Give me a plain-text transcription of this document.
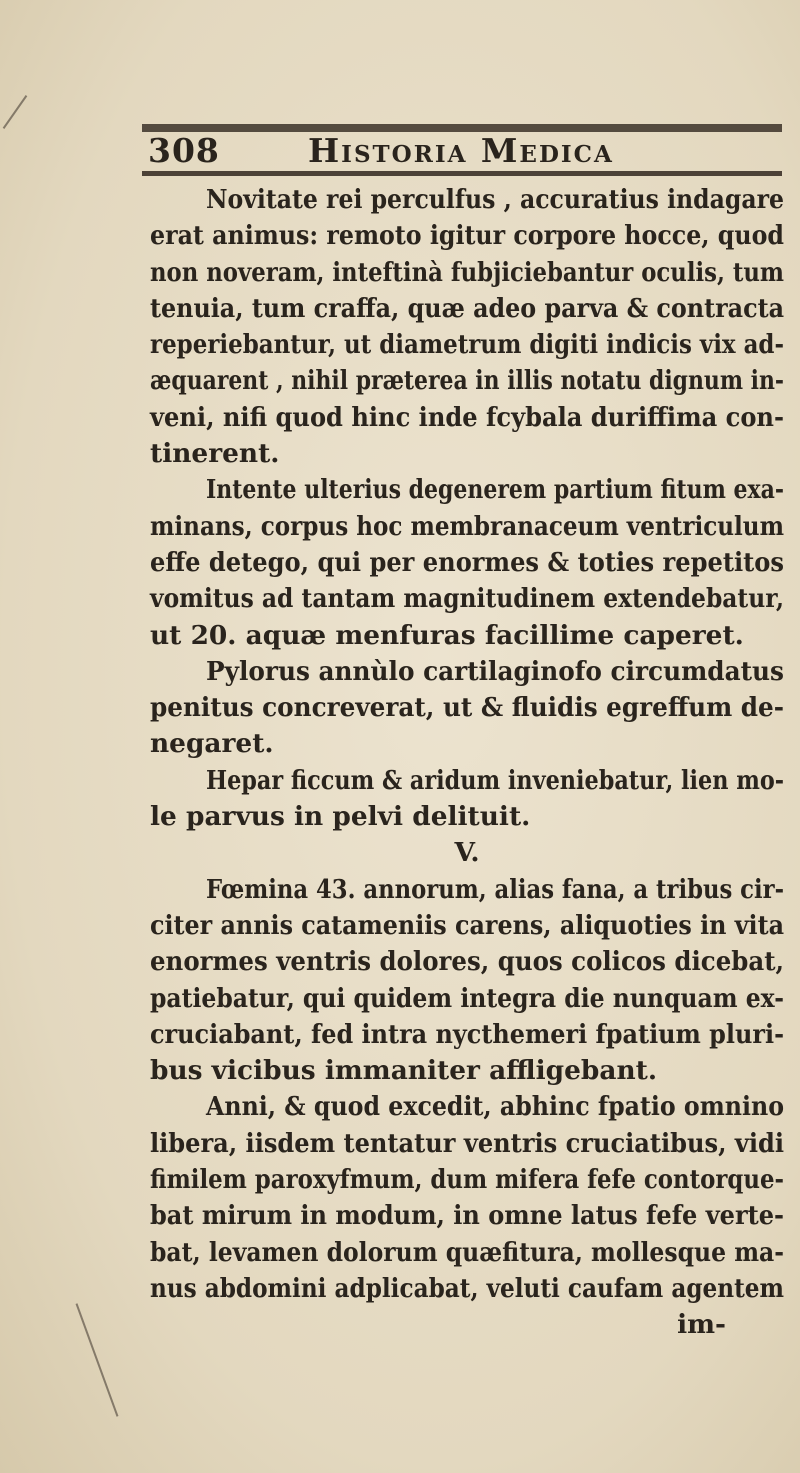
308	Historia Medica
Novitate rei perculfus , accuratius indagare
erat animus: remoto igitur corpore hocce, quod
non noveram, inteftinà fubjiciebantur oculis, tum
tenuia, tum craffa, quæ adeo parva & contracta
reperiebantur, ut diametrum digiti indicis vix ad-
æquarent , nihil præterea in illis notatu dignum in-
veni, nifi quod hinc inde fcybala duriffima con-
tinerent.
Intente ulterius degenerem partium fitum exa-
minans, corpus hoc membranaceum ventriculum
effe detego, qui per enormes & toties repetitos
vomitus ad tantam magnitudinem extendebatur,
ut 20. aquæ menfuras facillime caperet.
Pylorus annùlo cartilaginofo circumdatus
penitus concreverat, ut & fluidis egreffum de-
negaret.
Hepar ficcum & aridum inveniebatur, lien mo-
le parvus in pelvi delituit.
V.
Fœmina 43. annorum, alias fana, a tribus cir-
citer annis catameniis carens, aliquoties in vita
enormes ventris dolores, quos colicos dicebat,
patiebatur, qui quidem integra die nunquam ex-
cruciabant, fed intra nycthemeri fpatium pluri-
bus vicibus immaniter affligebant.
Anni, & quod excedit, abhinc fpatio omnino
libera, iisdem tentatur ventris cruciatibus, vidi
fimilem paroxyfmum, dum mifera fefe contorque-
bat mirum in modum, in omne latus fefe verte-
bat, levamen dolorum quæfitura, mollesque ma-
nus abdomini adplicabat, veluti caufam agentem
im-
